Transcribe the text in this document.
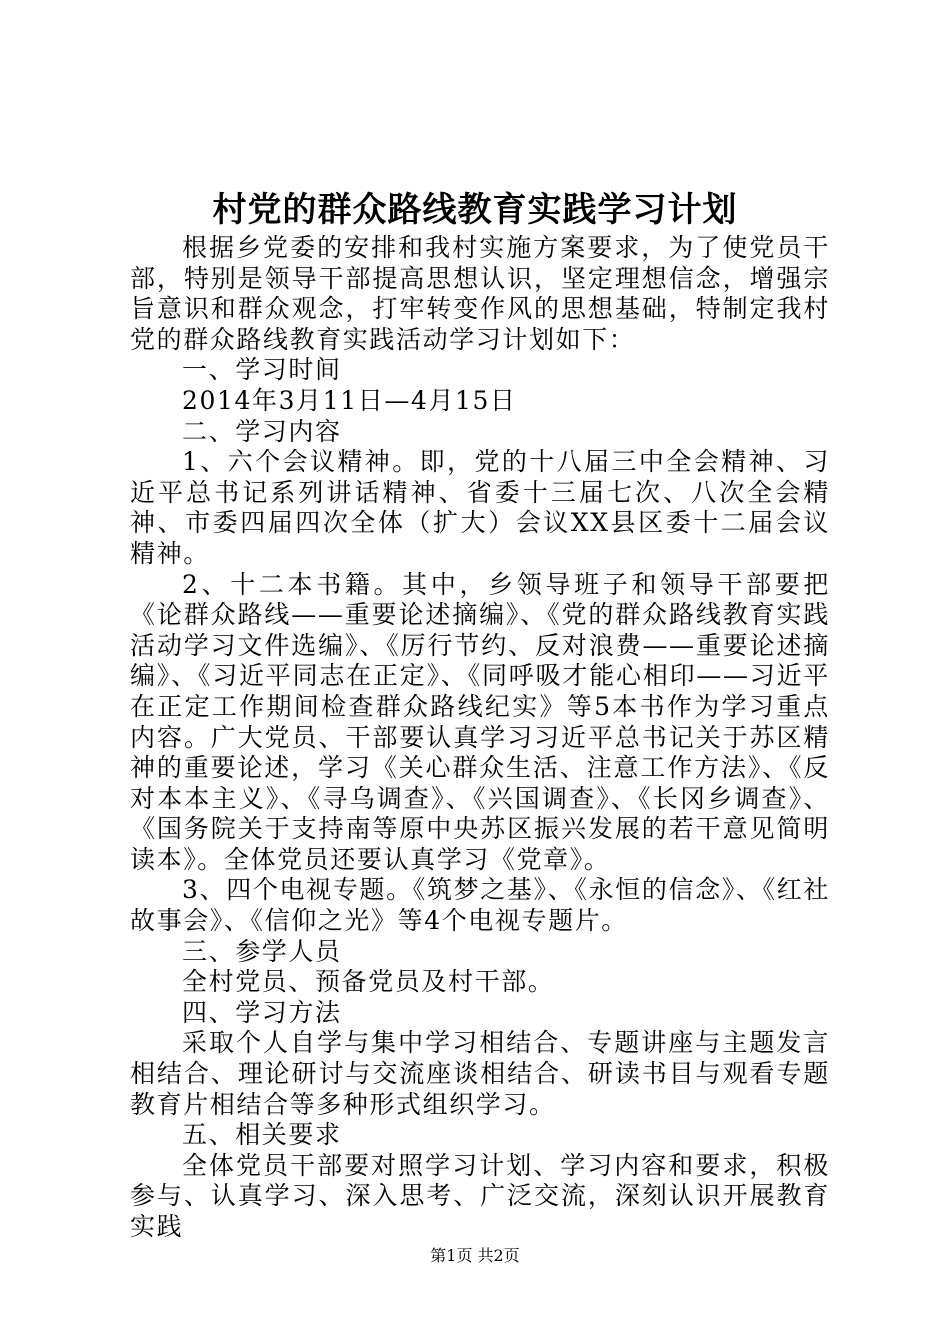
村党的群众路线教育实践学习计划

根据乡党委的安排和我村实施方案要求，为了使党员干部，特别是领导干部提高思想认识，坚定理想信念，增强宗旨意识和群众观念，打牢转变作风的思想基础，特制定我村党的群众路线教育实践活动学习计划如下：

一、学习时间

2014年3月11日—4月15日

二、学习内容

1、六个会议精神。即，党的十八届三中全会精神、习近平总书记系列讲话精神、省委十三届七次、八次全会精神、市委四届四次全体（扩大）会议XX县区委十二届会议精神。

2、十二本书籍。其中，乡领导班子和领导干部要把《论群众路线——重要论述摘编》、《党的群众路线教育实践活动学习文件选编》、《厉行节约、反对浪费——重要论述摘编》、《习近平同志在正定》、《同呼吸才能心相印——习近平在正定工作期间检查群众路线纪实》等5本书作为学习重点内容。广大党员、干部要认真学习习近平总书记关于苏区精神的重要论述，学习《关心群众生活、注意工作方法》、《反对本本主义》、《寻乌调查》、《兴国调查》、《长冈乡调查》、《国务院关于支持南等原中央苏区振兴发展的若干意见简明读本》。全体党员还要认真学习《党章》。

3、四个电视专题。《筑梦之基》、《永恒的信念》、《红社故事会》、《信仰之光》等4个电视专题片。

三、参学人员

全村党员、预备党员及村干部。

四、学习方法

采取个人自学与集中学习相结合、专题讲座与主题发言相结合、理论研讨与交流座谈相结合、研读书目与观看专题教育片相结合等多种形式组织学习。

五、相关要求

全体党员干部要对照学习计划、学习内容和要求，积极参与、认真学习、深入思考、广泛交流，深刻认识开展教育实践

第1页 共2页
